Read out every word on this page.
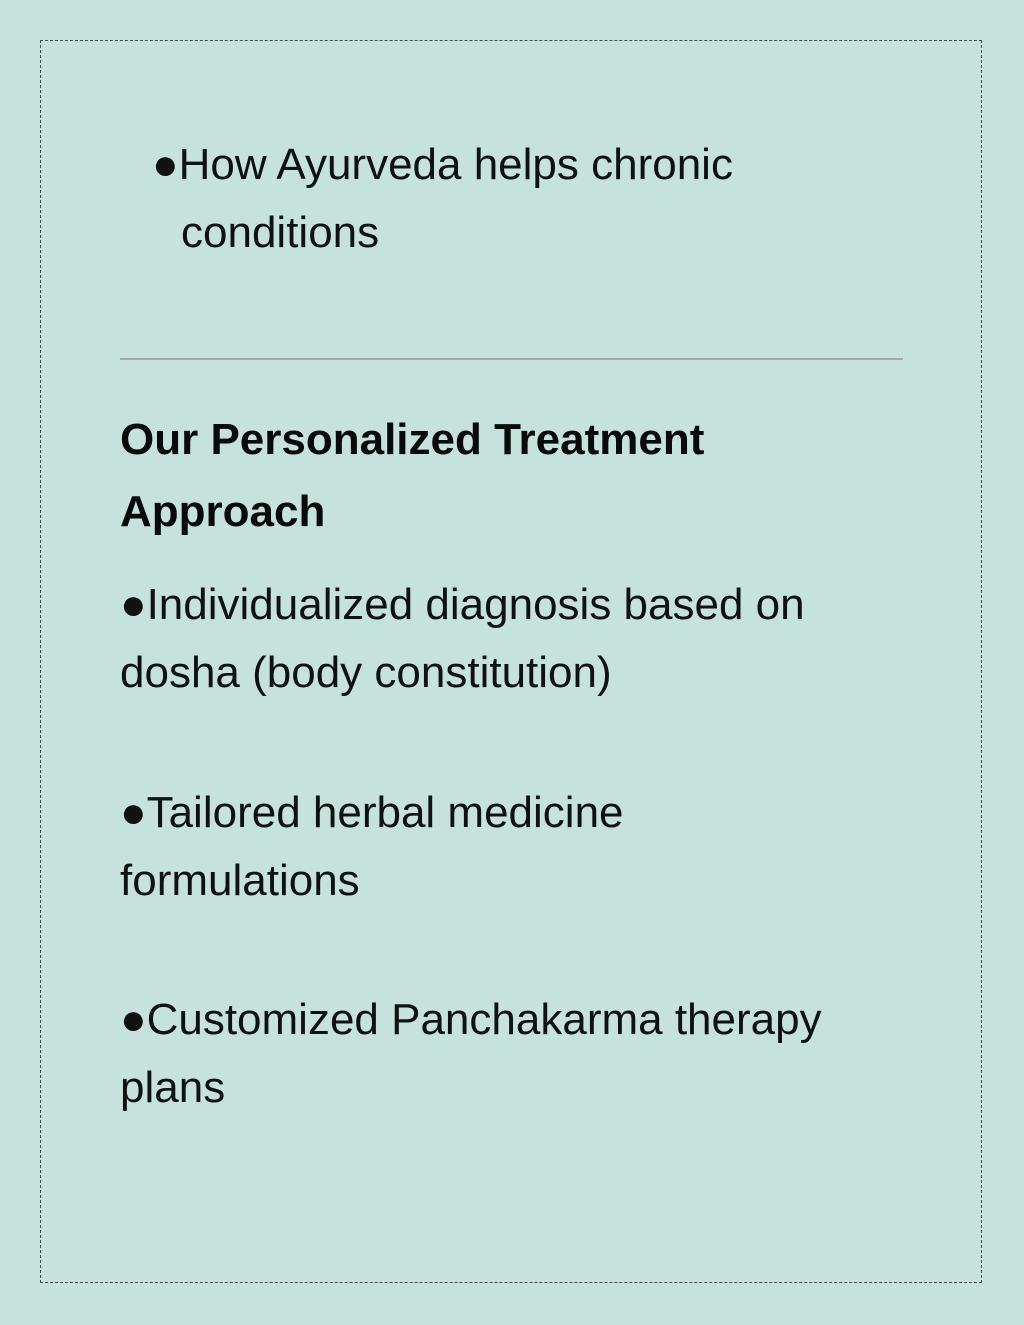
●How Ayurveda helps chronic
conditions
Our Personalized Treatment
Approach
●Individualized diagnosis based on
dosha (body constitution)
●Tailored herbal medicine
formulations
●Customized Panchakarma therapy
plans
